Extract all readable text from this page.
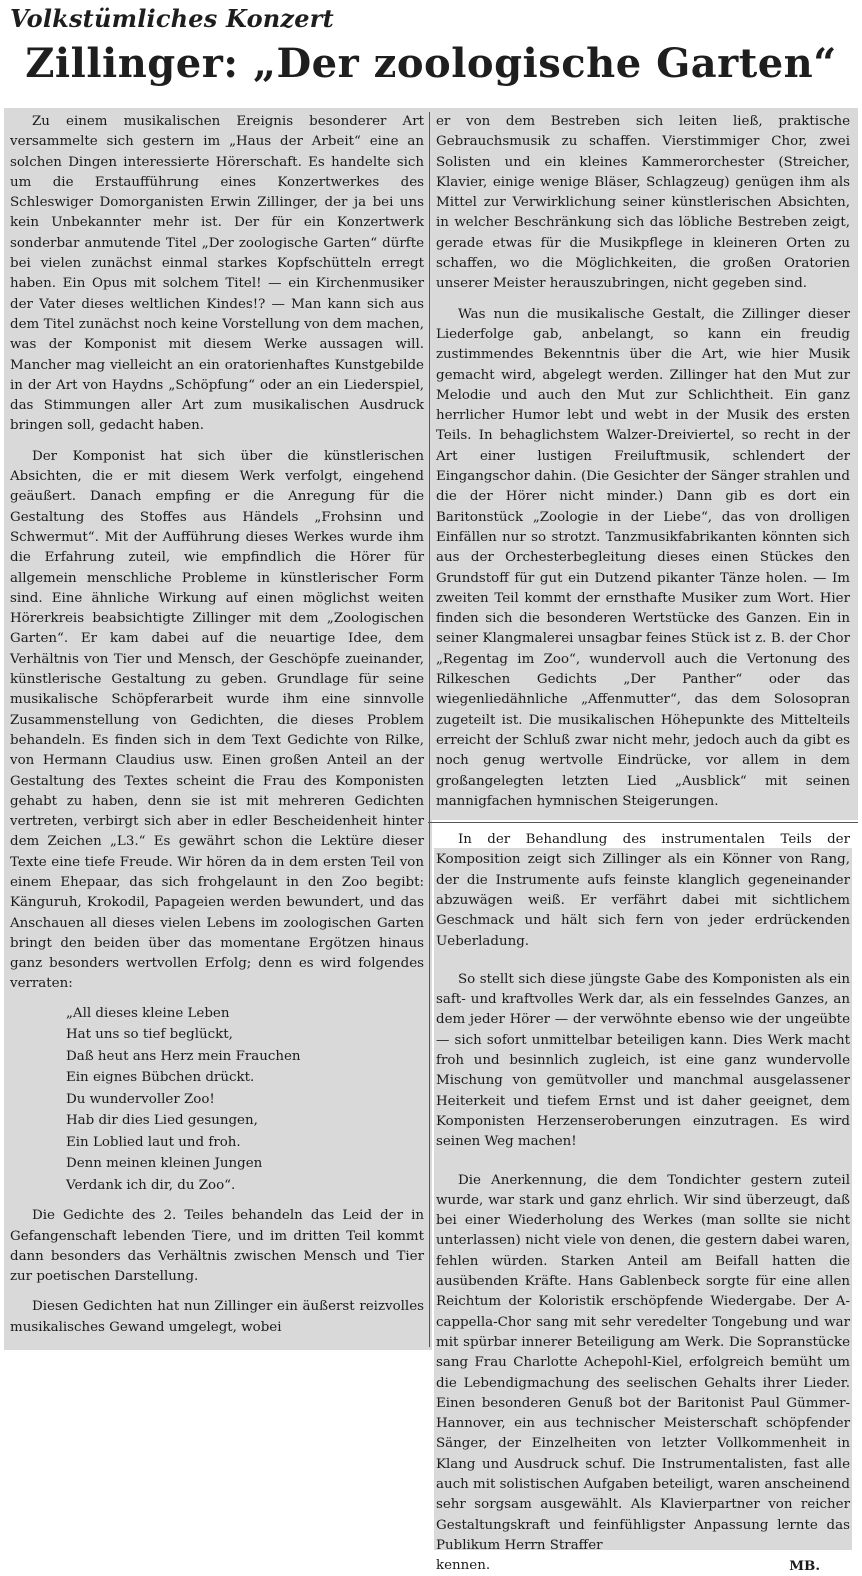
Volkstümliches Konzert
Zillinger: „Der zoologische Garten“

Zu einem musikalischen Ereignis besonderer Art versammelte sich gestern im „Haus der Arbeit“ eine an solchen Dingen interessierte Hörerschaft. Es handelte sich um die Erstaufführung eines Konzertwerkes des Schleswiger Domorganisten Erwin Zillinger, der ja bei uns kein Unbekannter mehr ist. Der für ein Konzertwerk sonderbar anmutende Titel „Der zoologische Garten“ dürfte bei vielen zunächst einmal starkes Kopfschütteln erregt haben. Ein Opus mit solchem Titel! — ein Kirchenmusiker der Vater dieses weltlichen Kindes!? — Man kann sich aus dem Titel zunächst noch keine Vorstellung von dem machen, was der Komponist mit diesem Werke aussagen will. Mancher mag vielleicht an ein oratorienhaftes Kunstgebilde in der Art von Haydns „Schöpfung“ oder an ein Liederspiel, das Stimmungen aller Art zum musikalischen Ausdruck bringen soll, gedacht haben.

Der Komponist hat sich über die künstlerischen Absichten, die er mit diesem Werk verfolgt, eingehend geäußert. Danach empfing er die Anregung für die Gestaltung des Stoffes aus Händels „Frohsinn und Schwermut“. Mit der Aufführung dieses Werkes wurde ihm die Erfahrung zuteil, wie empfindlich die Hörer für allgemein menschliche Probleme in künstlerischer Form sind. Eine ähnliche Wirkung auf einen möglichst weiten Hörerkreis beabsichtigte Zillinger mit dem „Zoologischen Garten“. Er kam dabei auf die neuartige Idee, dem Verhältnis von Tier und Mensch, der Geschöpfe zueinander, künstlerische Gestaltung zu geben. Grundlage für seine musikalische Schöpferarbeit wurde ihm eine sinnvolle Zusammenstellung von Gedichten, die dieses Problem behandeln. Es finden sich in dem Text Gedichte von Rilke, von Hermann Claudius usw. Einen großen Anteil an der Gestaltung des Textes scheint die Frau des Komponisten gehabt zu haben, denn sie ist mit mehreren Gedichten vertreten, verbirgt sich aber in edler Bescheidenheit hinter dem Zeichen „L3.“ Es gewährt schon die Lektüre dieser Texte eine tiefe Freude. Wir hören da in dem ersten Teil von einem Ehepaar, das sich frohgelaunt in den Zoo begibt: Känguruh, Krokodil, Papageien werden bewundert, und das Anschauen all dieses vielen Lebens im zoologischen Garten bringt den beiden über das momentane Ergötzen hinaus ganz besonders wertvollen Erfolg; denn es wird folgendes verraten:

„All dieses kleine Leben
Hat uns so tief beglückt,
Daß heut ans Herz mein Frauchen
Ein eignes Bübchen drückt.
Du wundervoller Zoo!
Hab dir dies Lied gesungen,
Ein Loblied laut und froh.
Denn meinen kleinen Jungen
Verdank ich dir, du Zoo“.

Die Gedichte des 2. Teiles behandeln das Leid der in Gefangenschaft lebenden Tiere, und im dritten Teil kommt dann besonders das Verhältnis zwischen Mensch und Tier zur poetischen Darstellung.

Diesen Gedichten hat nun Zillinger ein äußerst reizvolles musikalisches Gewand umgelegt, wobei

er von dem Bestreben sich leiten ließ, praktische Gebrauchsmusik zu schaffen. Vierstimmiger Chor, zwei Solisten und ein kleines Kammerorchester (Streicher, Klavier, einige wenige Bläser, Schlagzeug) genügen ihm als Mittel zur Verwirklichung seiner künstlerischen Absichten, in welcher Beschränkung sich das löbliche Bestreben zeigt, gerade etwas für die Musikpflege in kleineren Orten zu schaffen, wo die Möglichkeiten, die großen Oratorien unserer Meister herauszubringen, nicht gegeben sind.

Was nun die musikalische Gestalt, die Zillinger dieser Liederfolge gab, anbelangt, so kann ein freudig zustimmendes Bekenntnis über die Art, wie hier Musik gemacht wird, abgelegt werden. Zillinger hat den Mut zur Melodie und auch den Mut zur Schlichtheit. Ein ganz herrlicher Humor lebt und webt in der Musik des ersten Teils. In behaglichstem Walzer-Dreiviertel, so recht in der Art einer lustigen Freiluftmusik, schlendert der Eingangschor dahin. (Die Gesichter der Sänger strahlen und die der Hörer nicht minder.) Dann gib es dort ein Baritonstück „Zoologie in der Liebe“, das von drolligen Einfällen nur so strotzt. Tanzmusikfabrikanten könnten sich aus der Orchesterbegleitung dieses einen Stückes den Grundstoff für gut ein Dutzend pikanter Tänze holen. — Im zweiten Teil kommt der ernsthafte Musiker zum Wort. Hier finden sich die besonderen Wertstücke des Ganzen. Ein in seiner Klangmalerei unsagbar feines Stück ist z. B. der Chor „Regentag im Zoo“, wundervoll auch die Vertonung des Rilkeschen Gedichts „Der Panther“ oder das wiegenliedähnliche „Affenmutter“, das dem Solosopran zugeteilt ist. Die musikalischen Höhepunkte des Mittelteils erreicht der Schluß zwar nicht mehr, jedoch auch da gibt es noch genug wertvolle Eindrücke, vor allem in dem großangelegten letzten Lied „Ausblick“ mit seinen mannigfachen hymnischen Steigerungen.

In der Behandlung des instrumentalen Teils der Komposition zeigt sich Zillinger als ein Könner von Rang, der die Instrumente aufs feinste klanglich gegeneinander abzuwägen weiß. Er verfährt dabei mit sichtlichem Geschmack und hält sich fern von jeder erdrückenden Ueberladung.

So stellt sich diese jüngste Gabe des Komponisten als ein saft- und kraftvolles Werk dar, als ein fesselndes Ganzes, an dem jeder Hörer — der verwöhnte ebenso wie der ungeübte — sich sofort unmittelbar beteiligen kann. Dies Werk macht froh und besinnlich zugleich, ist eine ganz wundervolle Mischung von gemütvoller und manchmal ausgelassener Heiterkeit und tiefem Ernst und ist daher geeignet, dem Komponisten Herzenseroberungen einzutragen. Es wird seinen Weg machen!

Die Anerkennung, die dem Tondichter gestern zuteil wurde, war stark und ganz ehrlich. Wir sind überzeugt, daß bei einer Wiederholung des Werkes (man sollte sie nicht unterlassen) nicht viele von denen, die gestern dabei waren, fehlen würden. Starken Anteil am Beifall hatten die ausübenden Kräfte. Hans Gablenbeck sorgte für eine allen Reichtum der Koloristik erschöpfende Wiedergabe. Der A-cappella-Chor sang mit sehr veredelter Tongebung und war mit spürbar innerer Beteiligung am Werk. Die Sopranstücke sang Frau Charlotte Achepohl-Kiel, erfolgreich bemüht um die Lebendigmachung des seelischen Gehalts ihrer Lieder. Einen besonderen Genuß bot der Baritonist Paul Gümmer-Hannover, ein aus technischer Meisterschaft schöpfender Sänger, der Einzelheiten von letzter Vollkommenheit in Klang und Ausdruck schuf. Die Instrumentalisten, fast alle auch mit solistischen Aufgaben beteiligt, waren anscheinend sehr sorgsam ausgewählt. Als Klavierpartner von reicher Gestaltungskraft und feinfühligster Anpassung lernte das Publikum Herrn Straffer

kennen.	MB.
